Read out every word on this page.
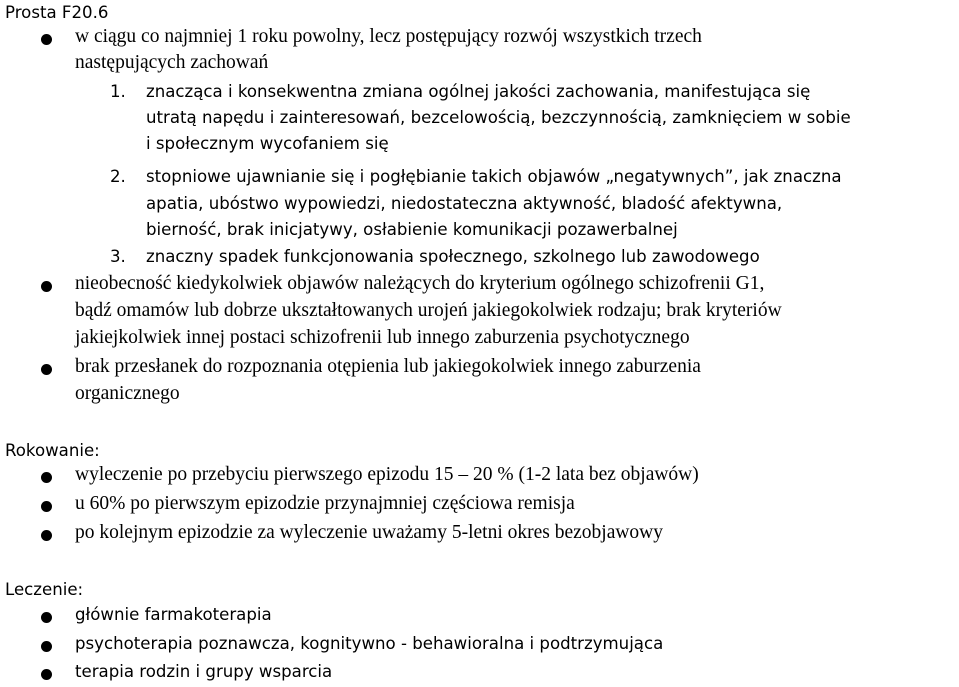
Prosta F20.6
w ciągu co najmniej 1 roku powolny, lecz postępujący rozwój wszystkich trzech
następujących zachowań
1. znacząca i konsekwentna zmiana ogólnej jakości zachowania, manifestująca się
utratą napędu i zainteresowań, bezcelowością, bezczynnością, zamknięciem w sobie
i społecznym wycofaniem się
2. stopniowe ujawnianie się i pogłębianie takich objawów „negatywnych”, jak znaczna
apatia, ubóstwo wypowiedzi, niedostateczna aktywność, bladość afektywna,
bierność, brak inicjatywy, osłabienie komunikacji pozawerbalnej
3. znaczny spadek funkcjonowania społecznego, szkolnego lub zawodowego
nieobecność kiedykolwiek objawów należących do kryterium ogólnego schizofrenii G1,
bądź omamów lub dobrze ukształtowanych urojeń jakiegokolwiek rodzaju; brak kryteriów
jakiejkolwiek innej postaci schizofrenii lub innego zaburzenia psychotycznego
brak przesłanek do rozpoznania otępienia lub jakiegokolwiek innego zaburzenia
organicznego
Rokowanie:
wyleczenie po przebyciu pierwszego epizodu 15 – 20 % (1-2 lata bez objawów)
u 60% po pierwszym epizodzie przynajmniej częściowa remisja
po kolejnym epizodzie za wyleczenie uważamy 5-letni okres bezobjawowy
Leczenie:
głównie farmakoterapia
psychoterapia poznawcza, kognitywno - behawioralna i podtrzymująca
terapia rodzin i grupy wsparcia
